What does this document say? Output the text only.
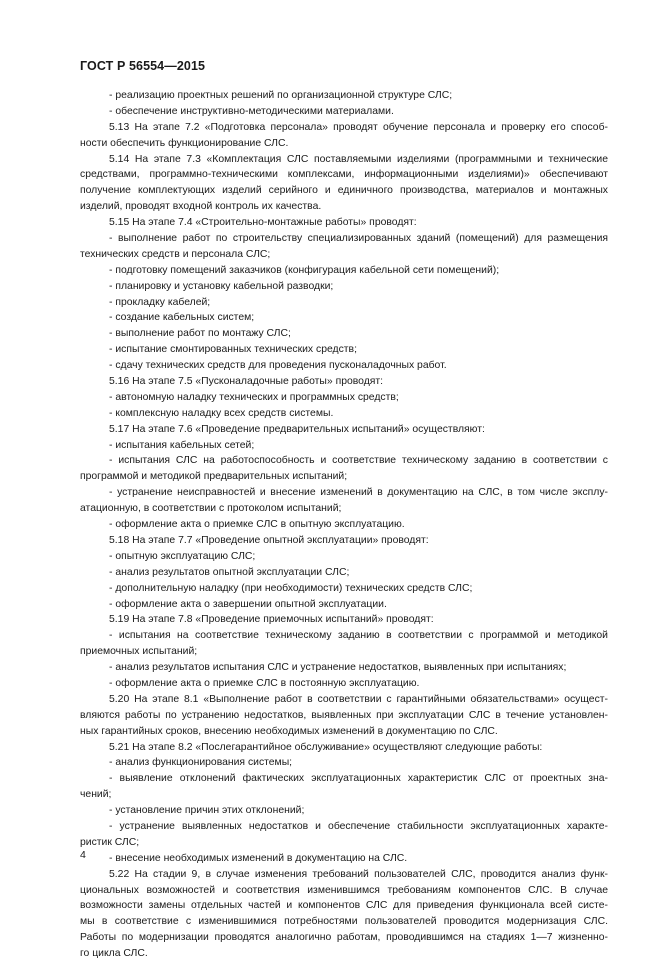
ГОСТ Р 56554—2015
- реализацию проектных решений по организационной структуре СЛС;
- обеспечение инструктивно-методическими материалами.
5.13 На этапе 7.2 «Подготовка персонала» проводят обучение персонала и проверку его способ-
ности обеспечить функционирование СЛС.
5.14 На этапе 7.3 «Комплектация СЛС поставляемыми изделиями (программными и технические
средствами, программно-техническими комплексами, информационными изделиями)» обеспечивают
получение комплектующих изделий серийного и единичного производства, материалов и монтажных
изделий, проводят входной контроль их качества.
5.15 На этапе 7.4 «Строительно-монтажные работы» проводят:
- выполнение работ по строительству специализированных зданий (помещений) для размещения
технических средств и персонала СЛС;
- подготовку помещений заказчиков (конфигурация кабельной сети помещений);
- планировку и установку кабельной разводки;
- прокладку кабелей;
- создание кабельных систем;
- выполнение работ по монтажу СЛС;
- испытание смонтированных технических средств;
- сдачу технических средств для проведения пусконаладочных работ.
5.16 На этапе 7.5 «Пусконаладочные работы» проводят:
- автономную наладку технических и программных средств;
- комплексную наладку всех средств системы.
5.17 На этапе 7.6 «Проведение предварительных испытаний» осуществляют:
- испытания кабельных сетей;
- испытания СЛС на работоспособность и соответствие техническому заданию в соответствии с
программой и методикой предварительных испытаний;
- устранение неисправностей и внесение изменений в документацию на СЛС, в том числе эксплу-
атационную, в соответствии с протоколом испытаний;
- оформление акта о приемке СЛС в опытную эксплуатацию.
5.18 На этапе 7.7 «Проведение опытной эксплуатации» проводят:
- опытную эксплуатацию СЛС;
- анализ результатов опытной эксплуатации СЛС;
- дополнительную наладку (при необходимости) технических средств СЛС;
- оформление акта о завершении опытной эксплуатации.
5.19 На этапе 7.8 «Проведение приемочных испытаний» проводят:
- испытания на соответствие техническому заданию в соответствии с программой и методикой
приемочных испытаний;
- анализ результатов испытания СЛС и устранение недостатков, выявленных при испытаниях;
- оформление акта о приемке СЛС в постоянную эксплуатацию.
5.20 На этапе 8.1 «Выполнение работ в соответствии с гарантийными обязательствами» осущест-
вляются работы по устранению недостатков, выявленных при эксплуатации СЛС в течение установлен-
ных гарантийных сроков, внесению необходимых изменений в документацию по СЛС.
5.21 На этапе 8.2 «Послегарантийное обслуживание» осуществляют следующие работы:
- анализ функционирования системы;
- выявление отклонений фактических эксплуатационных характеристик СЛС от проектных зна-
чений;
- установление причин этих отклонений;
- устранение выявленных недостатков и обеспечение стабильности эксплуатационных характе-
ристик СЛС;
- внесение необходимых изменений в документацию на СЛС.
5.22 На стадии 9, в случае изменения требований пользователей СЛС, проводится анализ функ-
циональных возможностей и соответствия изменившимся требованиям компонентов СЛС. В случае
возможности замены отдельных частей и компонентов СЛС для приведения функционала всей систе-
мы в соответствие с изменившимися потребностями пользователей проводится модернизация СЛС.
Работы по модернизации проводятся аналогично работам, проводившимся на стадиях 1—7 жизненно-
го цикла СЛС.
4
